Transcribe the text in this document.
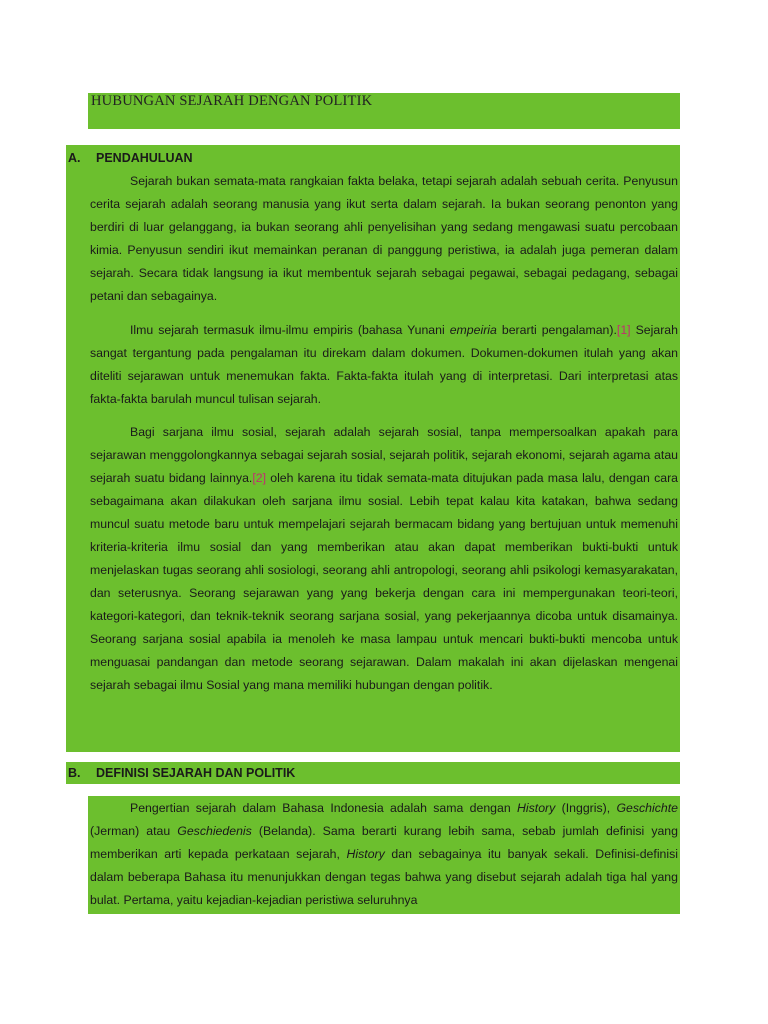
HUBUNGAN SEJARAH DENGAN POLITIK
A. PENDAHULUAN

Sejarah bukan semata-mata rangkaian fakta belaka, tetapi sejarah adalah sebuah cerita. Penyusun cerita sejarah adalah seorang manusia yang ikut serta dalam sejarah. Ia bukan seorang penonton yang berdiri di luar gelanggang, ia bukan seorang ahli penyelisihan yang sedang mengawasi suatu percobaan kimia. Penyusun sendiri ikut memainkan peranan di panggung peristiwa, ia adalah juga pemeran dalam sejarah. Secara tidak langsung ia ikut membentuk sejarah sebagai pegawai, sebagai pedagang, sebagai petani dan sebagainya.

Ilmu sejarah termasuk ilmu-ilmu empiris (bahasa Yunani empeiria berarti pengalaman).[1] Sejarah sangat tergantung pada pengalaman itu direkam dalam dokumen. Dokumen-dokumen itulah yang akan diteliti sejarawan untuk menemukan fakta. Fakta-fakta itulah yang di interpretasi. Dari interpretasi atas fakta-fakta barulah muncul tulisan sejarah.

Bagi sarjana ilmu sosial, sejarah adalah sejarah sosial, tanpa mempersoalkan apakah para sejarawan menggolongkannya sebagai sejarah sosial, sejarah politik, sejarah ekonomi, sejarah agama atau sejarah suatu bidang lainnya.[2] oleh karena itu tidak semata-mata ditujukan pada masa lalu, dengan cara sebagaimana akan dilakukan oleh sarjana ilmu sosial. Lebih tepat kalau kita katakan, bahwa sedang muncul suatu metode baru untuk mempelajari sejarah bermacam bidang yang bertujuan untuk memenuhi kriteria-kriteria ilmu sosial dan yang memberikan atau akan dapat memberikan bukti-bukti untuk menjelaskan tugas seorang ahli sosiologi, seorang ahli antropologi, seorang ahli psikologi kemasyarakatan, dan seterusnya. Seorang sejarawan yang yang bekerja dengan cara ini mempergunakan teori-teori, kategori-kategori, dan teknik-teknik seorang sarjana sosial, yang pekerjaannya dicoba untuk disamainya. Seorang sarjana sosial apabila ia menoleh ke masa lampau untuk mencari bukti-bukti mencoba untuk menguasai pandangan dan metode seorang sejarawan. Dalam makalah ini akan dijelaskan mengenai sejarah sebagai ilmu Sosial yang mana memiliki hubungan dengan politik.

B. DEFINISI SEJARAH DAN POLITIK

Pengertian sejarah dalam Bahasa Indonesia adalah sama dengan History (Inggris), Geschichte (Jerman) atau Geschiedenis (Belanda). Sama berarti kurang lebih sama, sebab jumlah definisi yang memberikan arti kepada perkataan sejarah, History dan sebagainya itu banyak sekali. Definisi-definisi dalam beberapa Bahasa itu menunjukkan dengan tegas bahwa yang disebut sejarah adalah tiga hal yang bulat. Pertama, yaitu kejadian-kejadian peristiwa seluruhnya
